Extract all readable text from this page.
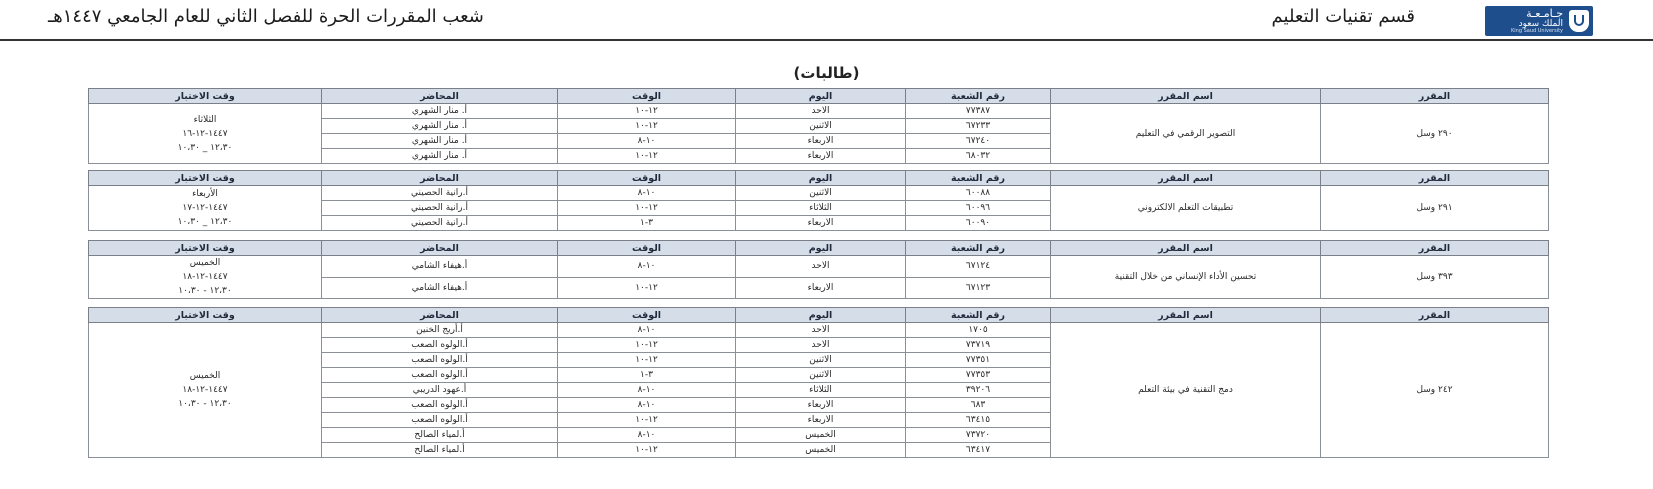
جـامـعـة
الملك سعود
King Saud University
قسم تقنيات التعليم
شعب المقررات الحرة للفصل الثاني للعام الجامعي ١٤٤٧هـ
(طالبات)
المقرر	اسم المقرر	رقم الشعبة	اليوم	الوقت	المحاضر	وقت الاختبار
٢٩٠ وسل	التصوير الرقمي في التعليم	٧٧٣٨٧	الاحد	١٢-١٠	أ. منار الشهري	الثلاثاء
١٤٤٧-١٢-١٦
١٢،٣٠ _ ١٠،٣٠

		٦٧٢٣٣	الاثنين	١٢-١٠	أ. منار الشهري	
		٦٧٢٤٠	الاربعاء	١٠-٨	أ. منار الشهري	
		٦٨٠٣٢	الاربعاء	١٢-١٠	أ. منار الشهري	
المقرر	اسم المقرر	رقم الشعبة	اليوم	الوقت	المحاضر	وقت الاختبار
٢٩١ وسل	تطبيقات التعلم الالكتروني	٦٠٠٨٨	الاثنين	١٠-٨	أ.رانية الحصيني	الأربعاء
١٤٤٧-١٢-١٧
١٢،٣٠ _ ١٠،٣٠

		٦٠٠٩٦	الثلاثاء	١٢-١٠	أ.رانية الحصيني	
		٦٠٠٩٠	الاربعاء	٣-١	أ.رانية الحصيني	
المقرر	اسم المقرر	رقم الشعبة	اليوم	الوقت	المحاضر	وقت الاختبار
٣٩٣ وسل	تحسين الأداء الإنساني من خلال التقنية	٦٧١٢٤	الاحد	١٠-٨	أ.هيفاء الشامي	الخميس
١٤٤٧-١٢-١٨
١٢،٣٠ - ١٠،٣٠

		٦٧١٢٣	الاربعاء	١٢-١٠	أ.هيفاء الشامي	
المقرر	اسم المقرر	رقم الشعبة	اليوم	الوقت	المحاضر	وقت الاختبار
٢٤٢ وسل	دمج التقنية في بيئة التعلم	١٧٠٥	الاحد	١٠-٨	أ.أريج الخنين	الخميس
١٤٤٧-١٢-١٨
١٢،٣٠ - ١٠،٣٠

		٧٣٧١٩	الاحد	١٢-١٠	أ.الولوه الصعب	
		٧٧٣٥١	الاثنين	١٢-١٠	أ.الولوه الصعب	
		٧٧٣٥٣	الاثنين	٣-١	أ.الولوه الصعب	
		٣٩٢٠٦	الثلاثاء	١٠-٨	أ.عهود الدريبي	
		٦٨٣	الاربعاء	١٠-٨	أ.الولوه الصعب	
		٦٣٤١٥	الاربعاء	١٢-١٠	أ.الولوه الصعب	
		٧٣٧٢٠	الخميس	١٠-٨	أ.لمياء الصالح	
		٦٣٤١٧	الخميس	١٢-١٠	أ.لمياء الصالح	
